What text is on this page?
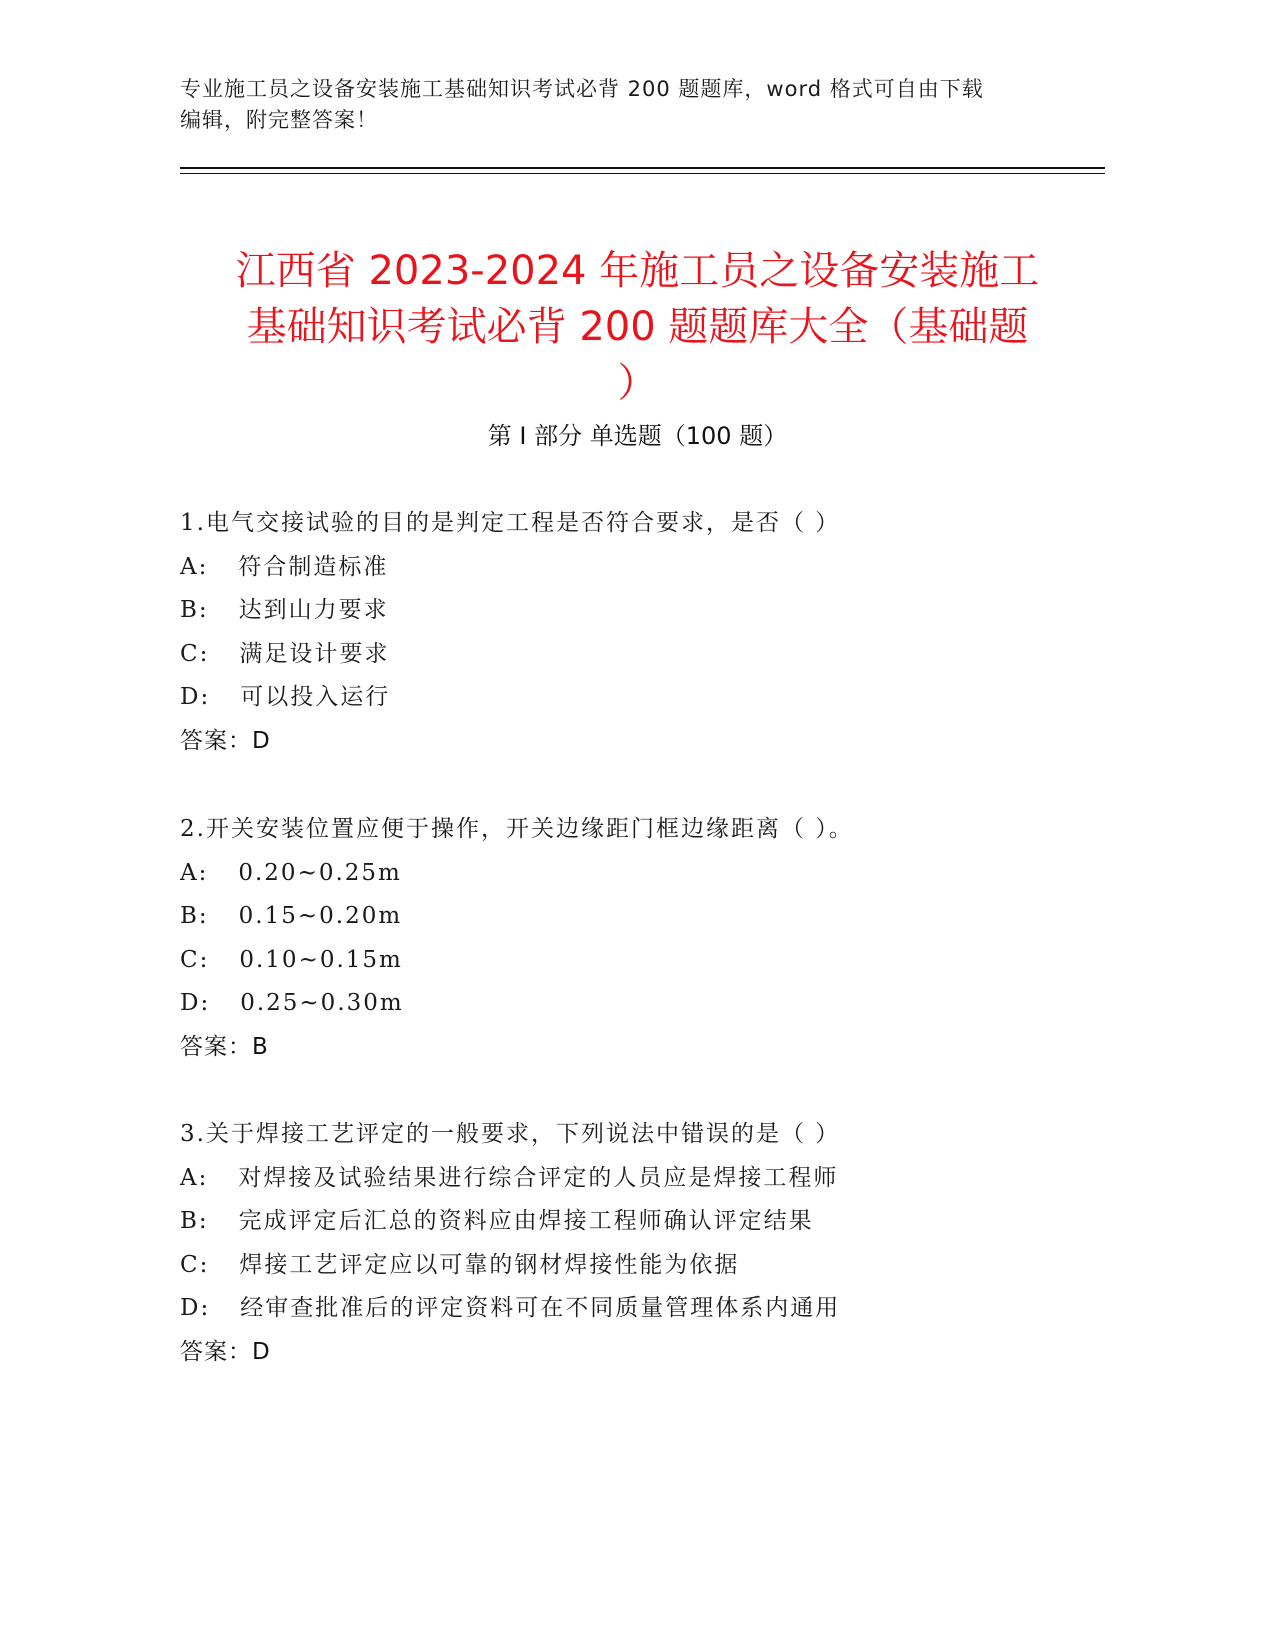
专业施工员之设备安装施工基础知识考试必背 200 题题库，word 格式可自由下载
编辑，附完整答案！
江西省 2023-2024 年施工员之设备安装施工
基础知识考试必背 200 题题库大全（基础题
）
第 I 部分 单选题（100 题）
1.电气交接试验的目的是判定工程是否符合要求，是否（ ）
A: 符合制造标准
B: 达到山力要求
C: 满足设计要求
D: 可以投入运行
答案：D
2.开关安装位置应便于操作，开关边缘距门框边缘距离（ ）。
A: 0.20~0.25m
B: 0.15~0.20m
C: 0.10~0.15m
D: 0.25~0.30m
答案：B
3.关于焊接工艺评定的一般要求，下列说法中错误的是（ ）
A: 对焊接及试验结果进行综合评定的人员应是焊接工程师
B: 完成评定后汇总的资料应由焊接工程师确认评定结果
C: 焊接工艺评定应以可靠的钢材焊接性能为依据
D: 经审查批准后的评定资料可在不同质量管理体系内通用
答案：D
